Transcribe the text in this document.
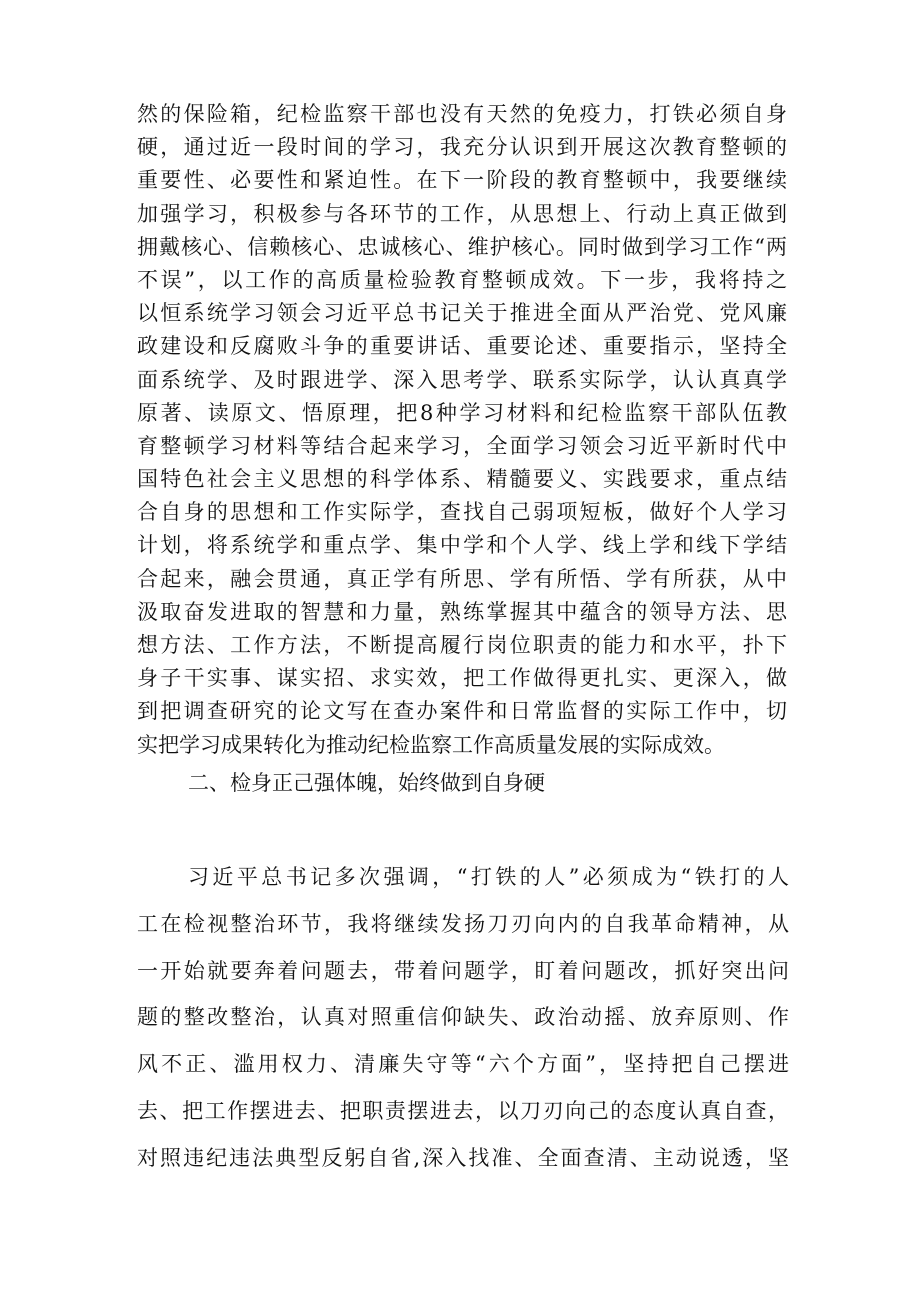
然的保险箱，纪检监察干部也没有天然的免疫力，打铁必须自身
硬，通过近一段时间的学习，我充分认识到开展这次教育整顿的
重要性、必要性和紧迫性。在下一阶段的教育整顿中，我要继续
加强学习，积极参与各环节的工作，从思想上、行动上真正做到
拥戴核心、信赖核心、忠诚核心、维护核心。同时做到学习工作“两
不误”，以工作的高质量检验教育整顿成效。下一步，我将持之
以恒系统学习领会习近平总书记关于推进全面从严治党、党风廉
政建设和反腐败斗争的重要讲话、重要论述、重要指示，坚持全
面系统学、及时跟进学、深入思考学、联系实际学，认认真真学
原著、读原文、悟原理，把8种学习材料和纪检监察干部队伍教
育整顿学习材料等结合起来学习，全面学习领会习近平新时代中
国特色社会主义思想的科学体系、精髓要义、实践要求，重点结
合自身的思想和工作实际学，查找自己弱项短板，做好个人学习
计划，将系统学和重点学、集中学和个人学、线上学和线下学结
合起来，融会贯通，真正学有所思、学有所悟、学有所获，从中
汲取奋发进取的智慧和力量，熟练掌握其中蕴含的领导方法、思
想方法、工作方法，不断提高履行岗位职责的能力和水平，扑下
身子干实事、谋实招、求实效，把工作做得更扎实、更深入，做
到把调查研究的论文写在查办案件和日常监督的实际工作中，切
实把学习成果转化为推动纪检监察工作高质量发展的实际成效。
二、检身正己强体魄，始终做到自身硬
习近平总书记多次强调，“打铁的人”必须成为“铁打的人
工在检视整治环节，我将继续发扬刀刃向内的自我革命精神，从
一开始就要奔着问题去，带着问题学，盯着问题改，抓好突出问
题的整改整治，认真对照重信仰缺失、政治动摇、放弃原则、作
风不正、滥用权力、清廉失守等“六个方面”，坚持把自己摆进
去、把工作摆进去、把职责摆进去，以刀刃向己的态度认真自查，
对照违纪违法典型反躬自省,深入找准、全面查清、主动说透，坚
